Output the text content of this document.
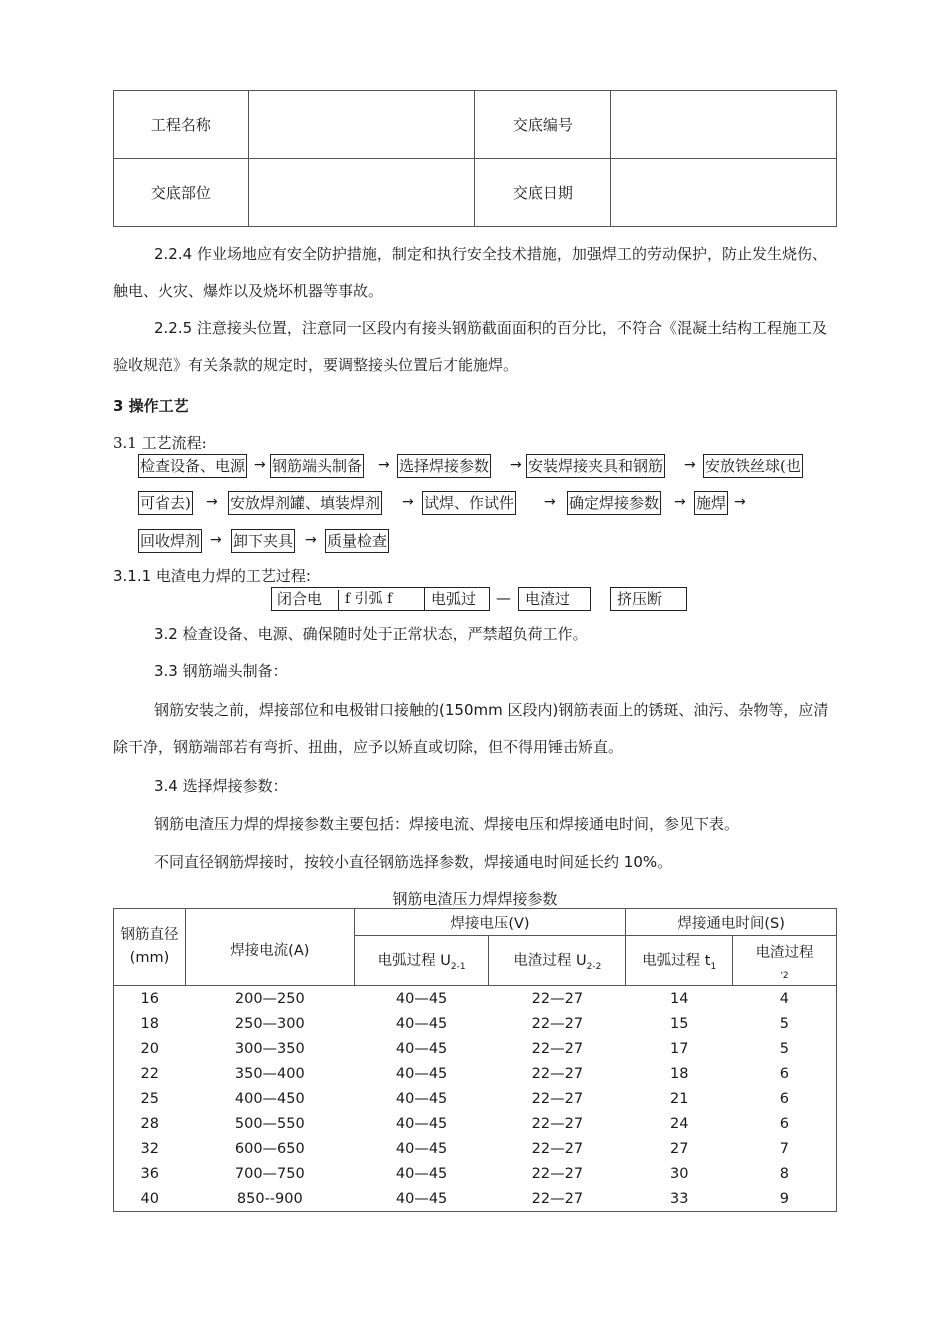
工程名称		交底编号	
交底部位		交底日期	
2.2.4 作业场地应有安全防护措施，制定和执行安全技术措施，加强焊工的劳动保护，防止发生烧伤、触电、火灾、爆炸以及烧坏机器等事故。
2.2.5 注意接头位置，注意同一区段内有接头钢筋截面面积的百分比，不符合《混凝土结构工程施工及验收规范》有关条款的规定时，要调整接头位置后才能施焊。
3 操作工艺
3.1 工艺流程:
检查设备、电源 → 钢筋端头制备 → 选择焊接参数 → 安装焊接夹具和钢筋 → 安放铁丝球(也
可省去) → 安放焊剂罐、填装焊剂 → 试焊、作试件 → 确定焊接参数 → 施焊 →
回收焊剂 → 卸下夹具 → 质量检查
3.1.1 电渣电力焊的工艺过程:
闭合电 f 引弧 f	电弧过 — 电渣过	挤压断
3.2 检查设备、电源、确保随时处于正常状态，严禁超负荷工作。
3.3 钢筋端头制备：
钢筋安装之前，焊接部位和电极钳口接触的(150mm 区段内)钢筋表面上的锈斑、油污、杂物等，应清除干净，钢筋端部若有弯折、扭曲，应予以矫直或切除，但不得用锤击矫直。
3.4 选择焊接参数：
钢筋电渣压力焊的焊接参数主要包括：焊接电流、焊接电压和焊接通电时间，参见下表。
不同直径钢筋焊接时，按较小直径钢筋选择参数，焊接通电时间延长约 10%。
钢筋电渣压力焊焊接参数
钢筋直径(mm)	焊接电流(A)	焊接电压(V)		焊接通电时间(S)	
		电弧过程 $U_{2-1}$	电渣过程 $U_{2-2}$	电弧过程 $t_1$	电渣过程
$_{'2}$
16	200—250	40—45	22—27	14	4
18	250—300	40—45	22—27	15	5
20	300—350	40—45	22—27	17	5
22	350—400	40—45	22—27	18	6
25	400—450	40—45	22—27	21	6
28	500—550	40—45	22—27	24	6
32	600—650	40—45	22—27	27	7
36	700—750	40—45	22—27	30	8
40	850--900	40—45	22—27	33	9
